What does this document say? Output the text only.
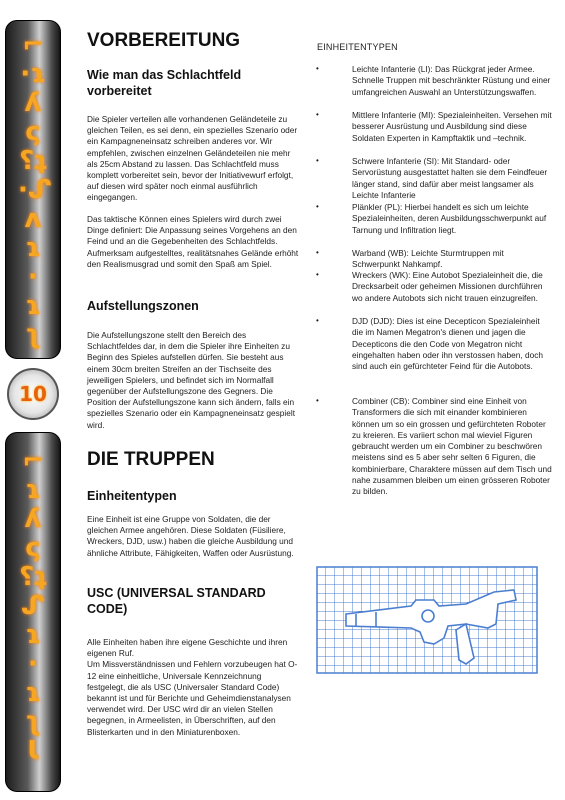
⌐
·ɿ
ʎ
ς
⸮ʇ
·ᔑ
ʌ
ɿ
·
ɿ
ʅ
10
⌐
ɿ
ʎ
ς
⸮ʇ
ᔑ
ɿ
·
ɿ
ʅ
Ɩ
VORBEREITUNG
Wie man das Schlachtfeld vorbereitet

Die Spieler verteilen alle vorhandenen Geländeteile zu gleichen Teilen, es sei denn, ein spezielles Szenario oder ein Kampagneneinsatz schreiben anderes vor. Wir empfehlen, zwischen einzelnen Geländeteilen nie mehr als 25cm Abstand zu lassen. Das Schlachtfeld muss komplett vorbereitet sein, bevor der Initiativewurf erfolgt, auf diesen wird später noch einmal ausführlich eingegangen.

Das taktische Können eines Spielers wird durch zwei Dinge definiert: Die Anpassung seines Vorgehens an den Feind und an die Gegebenheiten des Schlachtfelds. Aufmerksam aufgestelltes, realitätsnahes Gelände erhöht den Realismusgrad und somit den Spaß am Spiel.

Aufstellungszonen

Die Aufstellungszone stellt den Bereich des Schlachtfeldes dar, in dem die Spieler ihre Einheiten zu Beginn des Spieles aufstellen dürfen. Sie besteht aus einem 30cm breiten Streifen an der Tischseite des jeweiligen Spielers, und befindet sich im Normalfall gegenüber der Aufstellungszone des Gegners. Die Position der Aufstellungszone kann sich ändern, falls ein spezielles Szenario oder ein Kampagneneinsatz gespielt wird.

DIE TRUPPEN
Einheitentypen

Eine Einheit ist eine Gruppe von Soldaten, die der gleichen Armee angehören. Diese Soldaten (Füsiliere, Wreckers, DJD, usw.) haben die gleiche Ausbildung und ähnliche Attribute, Fähigkeiten, Waffen oder Ausrüstung.

USC (UNIVERSAL STANDARD CODE)

Alle Einheiten haben ihre eigene Geschichte und ihren eigenen Ruf.
Um Missverständnissen und Fehlern vorzubeugen hat O-12 eine einheitliche, Universale Kennzeichnung festgelegt, die als USC (Universaler Standard Code) bekannt ist und für Berichte und Geheimdienstanalysen verwendet wird. Der USC wird dir an vielen Stellen begegnen, in Armeelisten, in Überschriften, auf den Blisterkarten und in den Miniaturenboxen.

EINHEITENTYPEN
•	Leichte Infanterie (LI): Das Rückgrat jeder Armee. Schnelle Truppen mit beschränkter Rüstung und einer umfangreichen Auswahl an Unterstützungswaffen.
•	Mittlere Infanterie (MI): Spezialeinheiten. Versehen mit besserer Ausrüstung und Ausbildung sind diese Soldaten Experten in Kampftaktik und –technik.
•	Schwere Infanterie (SI): Mit Standard- oder Servorüstung ausgestattet halten sie dem Feindfeuer länger stand, sind dafür aber meist langsamer als Leichte Infanterie
•	Plänkler (PL): Hierbei handelt es sich um leichte Spezialeinheiten, deren Ausbildungsschwerpunkt auf Tarnung und Infiltration liegt.
•	Warband (WB): Leichte Sturmtruppen mit Schwerpunkt Nahkampf.
•	Wreckers (WK): Eine Autobot Spezialeinheit die, die Drecksarbeit oder geheimen Missionen durchführen wo andere Autobots sich nicht trauen einzugreifen.
•	DJD (DJD): Dies ist eine Decepticon Spezialeinheit die im Namen Megatron's dienen und jagen die Decepticons die den Code von Megatron nicht eingehalten haben oder ihn verstossen haben, doch sind auch ein gefürchteter Feind für die Autobots.
•	Combiner (CB): Combiner sind eine Einheit von Transformers die sich mit einander kombinieren können um so ein grossen und gefürchteten Roboter zu kreieren. Es variiert schon mal wieviel Figuren gebraucht werden um ein Combiner zu beschwören meistens sind es 5 aber sehr selten 6 Figuren, die kombinierbare, Charaktere müssen auf dem Tisch und nahe zusammen bleiben um einen grösseren Roboter zu bilden.
